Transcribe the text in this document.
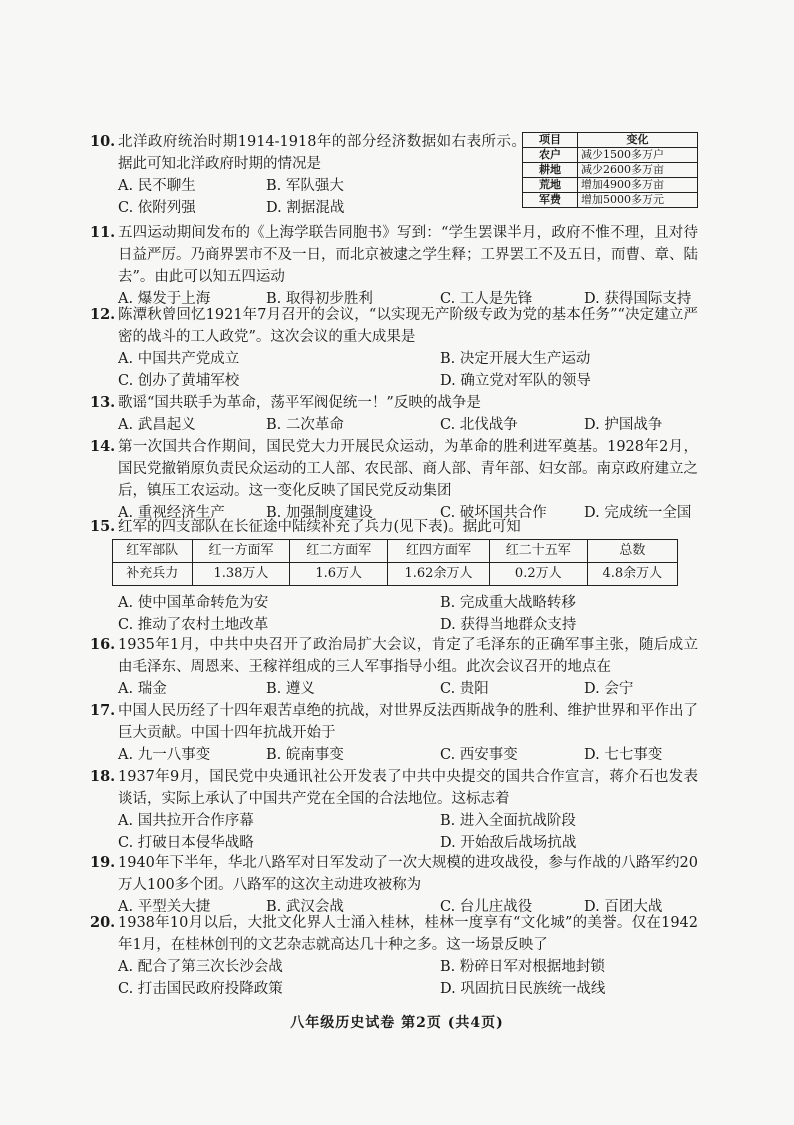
10. 北洋政府统治时期1914-1918年的部分经济数据如右表所示。据此可知北洋政府时期的情况是
A. 民不聊生	B. 军队强大
C. 依附列强	D. 割据混战
项目	变化
农户	减少1500多万户
耕地	减少2600多万亩
荒地	增加4900多万亩
军费	增加5000多万元
11. 五四运动期间发布的《上海学联告同胞书》写到：“学生罢课半月，政府不惟不理，且对待日益严厉。乃商界罢市不及一日，而北京被逮之学生释；工界罢工不及五日，而曹、章、陆去”。由此可以知五四运动
A. 爆发于上海	B. 取得初步胜利	C. 工人是先锋	D. 获得国际支持
12. 陈潭秋曾回忆1921年7月召开的会议，“以实现无产阶级专政为党的基本任务”“决定建立严密的战斗的工人政党”。这次会议的重大成果是
A. 中国共产党成立	B. 决定开展大生产运动
C. 创办了黄埔军校	D. 确立党对军队的领导
13. 歌谣“国共联手为革命，荡平军阀促统一！”反映的战争是
A. 武昌起义	B. 二次革命	C. 北伐战争	D. 护国战争
14. 第一次国共合作期间，国民党大力开展民众运动，为革命的胜利进军奠基。1928年2月，国民党撤销原负责民众运动的工人部、农民部、商人部、青年部、妇女部。南京政府建立之后，镇压工农运动。这一变化反映了国民党反动集团
A. 重视经济生产	B. 加强制度建设	C. 破坏国共合作	D. 完成统一全国
15. 红军的四支部队在长征途中陆续补充了兵力(见下表)。据此可知
红军部队	红一方面军	红二方面军	红四方面军	红二十五军	总数
补充兵力	1.38万人	1.6万人	1.62余万人	0.2万人	4.8余万人
A. 使中国革命转危为安	B. 完成重大战略转移
C. 推动了农村土地改革	D. 获得当地群众支持
16. 1935年1月，中共中央召开了政治局扩大会议，肯定了毛泽东的正确军事主张，随后成立由毛泽东、周恩来、王稼祥组成的三人军事指导小组。此次会议召开的地点在
A. 瑞金	B. 遵义	C. 贵阳	D. 会宁
17. 中国人民历经了十四年艰苦卓绝的抗战，对世界反法西斯战争的胜利、维护世界和平作出了巨大贡献。中国十四年抗战开始于
A. 九一八事变	B. 皖南事变	C. 西安事变	D. 七七事变
18. 1937年9月，国民党中央通讯社公开发表了中共中央提交的国共合作宣言，蒋介石也发表谈话，实际上承认了中国共产党在全国的合法地位。这标志着
A. 国共拉开合作序幕	B. 进入全面抗战阶段
C. 打破日本侵华战略	D. 开始敌后战场抗战
19. 1940年下半年，华北八路军对日军发动了一次大规模的进攻战役，参与作战的八路军约20万人100多个团。八路军的这次主动进攻被称为
A. 平型关大捷	B. 武汉会战	C. 台儿庄战役	D. 百团大战
20. 1938年10月以后，大批文化界人士涌入桂林，桂林一度享有“文化城”的美誉。仅在1942年1月，在桂林创刊的文艺杂志就高达几十种之多。这一场景反映了
A. 配合了第三次长沙会战	B. 粉碎日军对根据地封锁
C. 打击国民政府投降政策	D. 巩固抗日民族统一战线
八年级历史试卷 第2页 (共4页)
